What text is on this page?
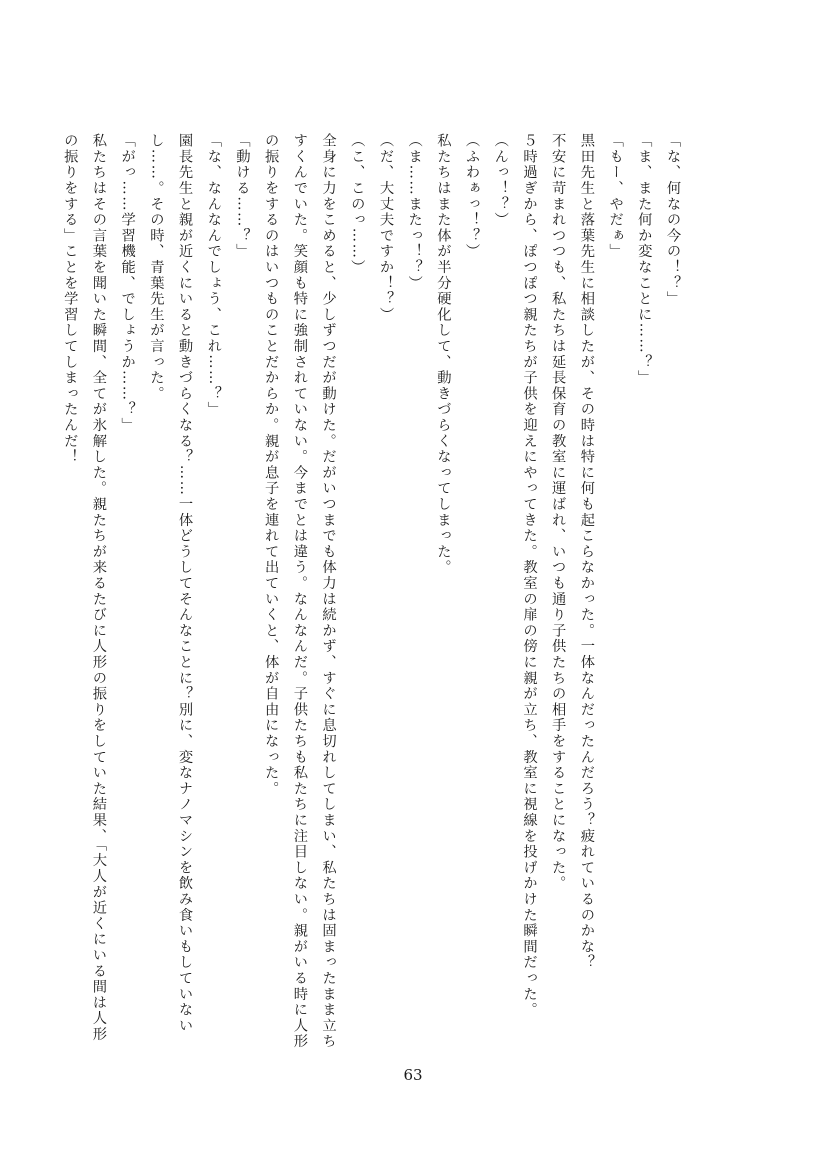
「な、何なの今の！？」

「ま、また何か変なことに……？」

「もー、やだぁ」

黒田先生と落葉先生に相談したが、その時は特に何も起こらなかった。一体なんだったんだろう？疲れているのかな？

不安に苛まれつつも、私たちは延長保育の教室に運ばれ、いつも通り子供たちの相手をすることになった。

５時過ぎから、ぽつぽつ親たちが子供を迎えにやってきた。教室の扉の傍に親が立ち、教室に視線を投げかけた瞬間だった。

（んっ！？）

（ふわぁっ！？）

私たちはまた体が半分硬化して、動きづらくなってしまった。

（ま……またっ！？）

（だ、大丈夫ですか！？）

（こ、このっ……）

全身に力をこめると、少しずつだが動けた。だがいつまでも体力は続かず、すぐに息切れしてしまい、私たちは固まったまま立ちすくんでいた。笑顔も特に強制されていない。今までとは違う。なんなんだ。子供たちも私たちに注目しない。親がいる時に人形の振りをするのはいつものことだからか。親が息子を連れて出ていくと、体が自由になった。

「動ける……？」

「な、なんなんでしょう、これ……？」

園長先生と親が近くにいると動きづらくなる？……一体どうしてそんなことに？別に、変なナノマシンを飲み食いもしていないし……。その時、青葉先生が言った。

「がっ……学習機能、でしょうか……？」

私たちはその言葉を聞いた瞬間、全てが氷解した。親たちが来るたびに人形の振りをしていた結果、「大人が近くにいる間は人形の振りをする」ことを学習してしまったんだ！

63
